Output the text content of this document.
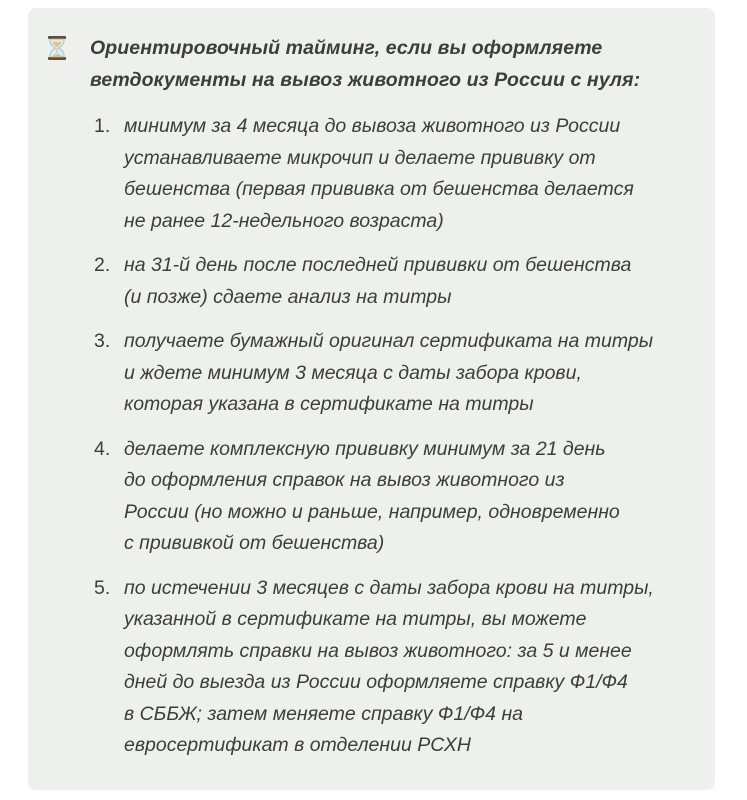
Ориентировочный тайминг, если вы оформляете
ветдокументы на вывоз животного из России с нуля:
1. минимум за 4 месяца до вывоза животного из России
устанавливаете микрочип и делаете прививку от
бешенства (первая прививка от бешенства делается
не ранее 12-недельного возраста)
2. на 31-й день после последней прививки от бешенства
(и позже) сдаете анализ на титры
3. получаете бумажный оригинал сертификата на титры
и ждете минимум 3 месяца с даты забора крови,
которая указана в сертификате на титры
4. делаете комплексную прививку минимум за 21 день
до оформления справок на вывоз животного из
России (но можно и раньше, например, одновременно
с прививкой от бешенства)
5. по истечении 3 месяцев с даты забора крови на титры,
указанной в сертификате на титры, вы можете
оформлять справки на вывоз животного: за 5 и менее
дней до выезда из России оформляете справку Ф1/Ф4
в СББЖ; затем меняете справку Ф1/Ф4 на
евросертификат в отделении РСХН
